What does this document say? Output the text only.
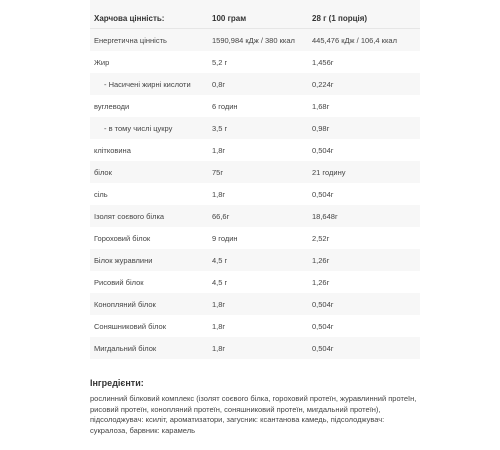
Харчова цінність:	100 грам	28 г (1 порція)
Енергетична цінність	1590,984 кДж / 380 ккал	445,476 кДж / 106,4 ккал
Жир	5,2 г	1,456г
- Насичені жирні кислоти	0,8г	0,224г
вуглеводи	6 годин	1,68г
- в тому числі цукру	3,5 г	0,98г
клітковина	1,8г	0,504г
білок	75г	21 годину
сіль	1,8г	0,504г
Ізолят соєвого білка	66,6г	18,648г
Гороховий білок	9 годин	2,52г
Білок журавлини	4,5 г	1,26г
Рисовий білок	4,5 г	1,26г
Конопляний білок	1,8г	0,504г
Соняшниковий білок	1,8г	0,504г
Мигдальний білок	1,8г	0,504г
Інгредієнти:

рослинний білковий комплекс (ізолят соєвого білка, гороховий протеїн, журавлинний протеїн, рисовий протеїн, конопляний протеїн, соняшниковий протеїн, мигдальний протеїн), підсолоджувач: ксиліт, ароматизатори, загусник: ксантанова камедь, підсолоджувач: сукралоза, барвник: карамель
